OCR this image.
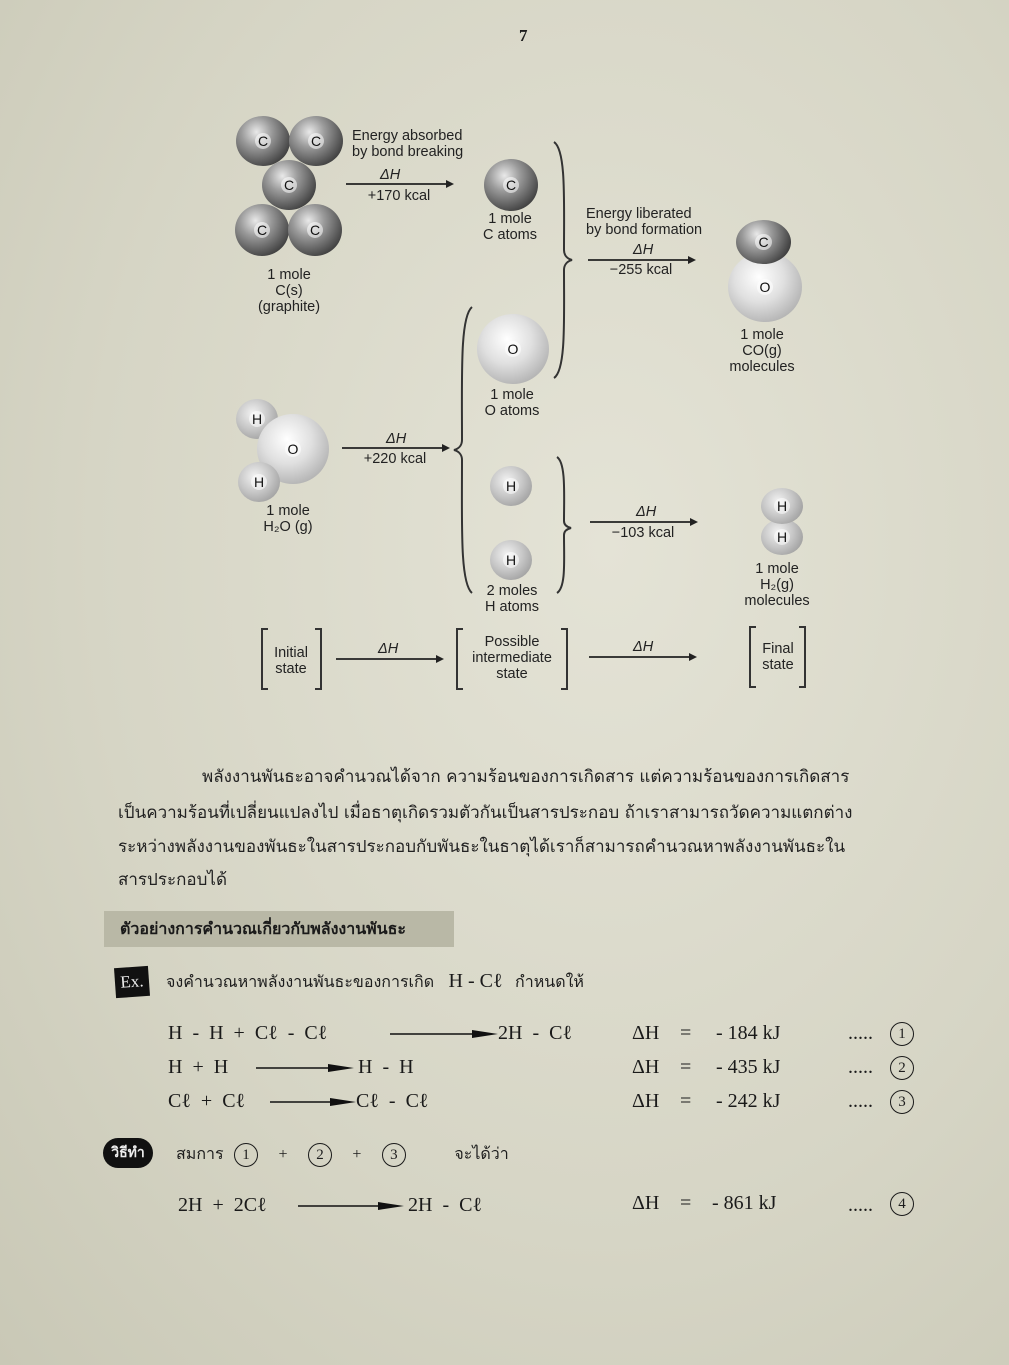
7
C	C
C
C	C
1 mole
C(s)
(graphite)
Energy absorbed
by bond breaking
ΔH
+170 kcal
C
1 mole
C atoms
Energy liberated
by bond formation
ΔH
−255 kcal
O
C
1 mole
CO(g)
molecules
O
1 mole
O atoms
H
O
H
1 mole
H₂O (g)
ΔH
+220 kcal
H
H
2 moles
H atoms
ΔH
−103 kcal	H
H
1 mole
H₂(g)
molecules
Initial
state
ΔH	Possible
intermediate
state
ΔH	Final
state
พลังงานพันธะอาจคำนวณได้จาก ความร้อนของการเกิดสาร แต่ความร้อนของการเกิดสาร
เป็นความร้อนที่เปลี่ยนแปลงไป เมื่อธาตุเกิดรวมตัวกันเป็นสารประกอบ ถ้าเราสามารถวัดความแตกต่าง
ระหว่างพลังงานของพันธะในสารประกอบกับพันธะในธาตุได้เราก็สามารถคำนวณหาพลังงานพันธะใน
สารประกอบได้
ตัวอย่างการคำนวณเกี่ยวกับพลังงานพันธะ
Ex.	จงคำนวณหาพลังงานพันธะของการเกิด H - Cℓ กำหนดให้
H  -  H  +  Cℓ  -  Cℓ	2H  -  Cℓ	ΔH = - 184 kJ	.....	1
H  +  H	H  -  H	ΔH = - 435 kJ	.....	2
Cℓ  +  Cℓ	Cℓ  -  Cℓ	ΔH = - 242 kJ	.....	3
วิธีทำ	สมการ 1 + 2 + 3	จะได้ว่า
2H  +  2Cℓ	2H  -  Cℓ	ΔH = - 861 kJ	.....	4
